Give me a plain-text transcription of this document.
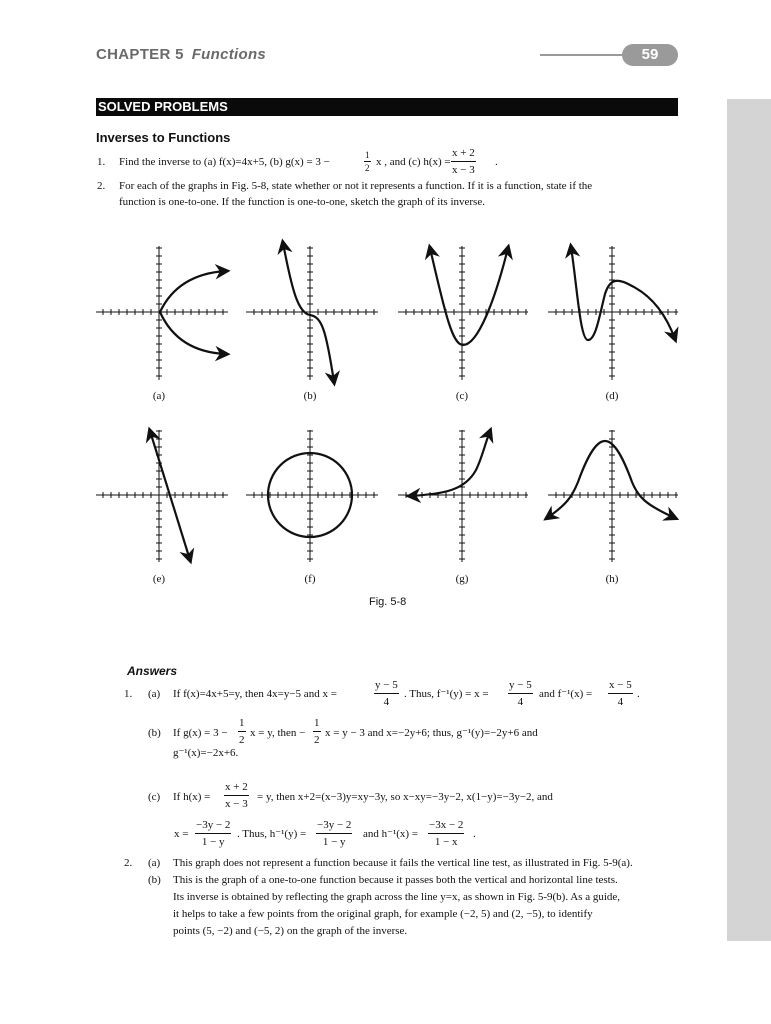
CHAPTER 5 Functions	59
SOLVED PROBLEMS
Inverses to Functions
1. Find the inverse to (a) f(x)=4x+5, (b) g(x) = 3 −	$\frac{1}{2}$ x , and (c) $h(x) = \frac{x + 2}{x - 3}$ .
2. For each of the graphs in Fig. 5-8, state whether or not it represents a function. If it is a function, state if the
function is one-to-one. If the function is one-to-one, sketch the graph of its inverse.
(a)	(b)	(c)	(d)
(e)	(f)	(g)	(h)
Fig. 5-8
Answers
1. (a) If f(x)=4x+5=y, then 4x=y−5 and x =	$\frac{y - 5}{4}$ . Thus, $f^{-1}(y) = x = \frac{y - 5}{4}$ and $f^{-1}(x) = \frac{x - 5}{4}$ .
(b) If $g(x) = 3 - \frac{1}{2}$ x = y, then − $\frac{1}{2}$ x = y − 3 and x=−2y+6; thus, g⁻¹(y)=−2y+6 and
g⁻¹(x)=−2x+6.
(c) If $h(x) = \frac{x + 2}{x - 3} = y$, then x+2=(x−3)y=xy−3y, so x−xy=−3y−2, x(1−y)=−3y−2, and
$x = \frac{-3y - 2}{1 - y}$ . Thus, $h^{-1}(y) = \frac{-3y - 2}{1 - y}$ and $h^{-1}(x) = \frac{-3x - 2}{1 - x}$ .
2. (a) This graph does not represent a function because it fails the vertical line test, as illustrated in Fig. 5-9(a).
(b) This is the graph of a one-to-one function because it passes both the vertical and horizontal line tests.
Its inverse is obtained by reflecting the graph across the line y=x, as shown in Fig. 5-9(b). As a guide,
it helps to take a few points from the original graph, for example (−2, 5) and (2, −5), to identify
points (5, −2) and (−5, 2) on the graph of the inverse.
